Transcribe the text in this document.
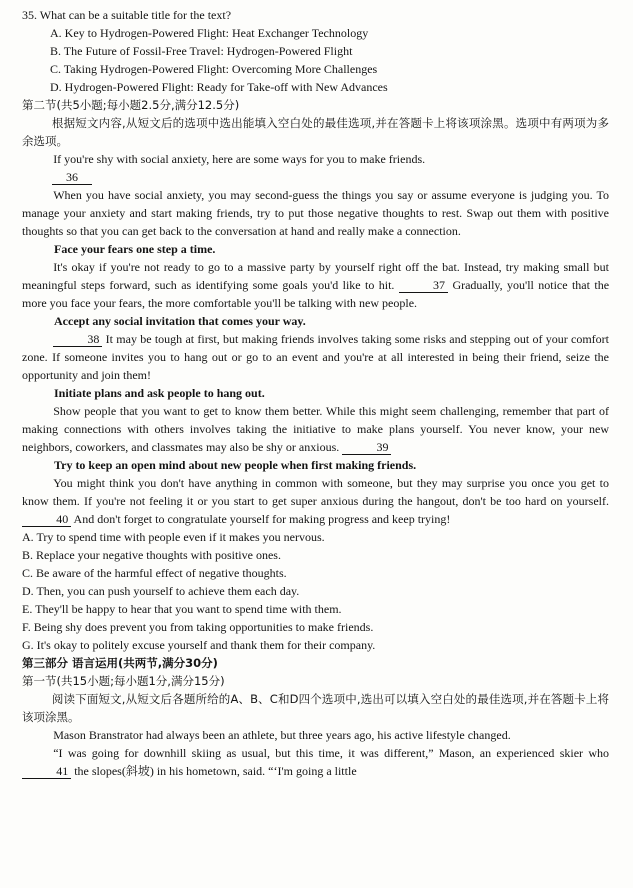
35. What can be a suitable title for the text?

A. Key to Hydrogen-Powered Flight: Heat Exchanger Technology

B. The Future of Fossil-Free Travel: Hydrogen-Powered Flight

C. Taking Hydrogen-Powered Flight: Overcoming More Challenges

D. Hydrogen-Powered Flight: Ready for Take-off with New Advances

第二节(共5小题;每小题2.5分,满分12.5分)

根据短文内容,从短文后的选项中选出能填入空白处的最佳选项,并在答题卡上将该项涂黑。选项中有两项为多余选项。

If you're shy with social anxiety, here are some ways for you to make friends.

36

When you have social anxiety, you may second-guess the things you say or assume everyone is judging you. To manage your anxiety and start making friends, try to put those negative thoughts to rest. Swap out them with positive thoughts so that you can get back to the conversation at hand and really make a connection.

Face your fears one step a time.

It's okay if you're not ready to go to a massive party by yourself right off the bat. Instead, try making small but meaningful steps forward, such as identifying some goals you'd like to hit.	37 Gradually, you'll notice that the more you face your fears, the more comfortable you'll be talking with new people.

Accept any social invitation that comes your way.

38 It may be tough at first, but making friends involves taking some risks and stepping out of your comfort zone. If someone invites you to hang out or go to an event and you're at all interested in being their friend, seize the opportunity and join them!

Initiate plans and ask people to hang out.

Show people that you want to get to know them better. While this might seem challenging, remember that part of making connections with others involves taking the initiative to make plans yourself. You never know, your new neighbors, coworkers, and classmates may also be shy or anxious.	39

Try to keep an open mind about new people when first making friends.

You might think you don't have anything in common with someone, but they may surprise you once you get to know them. If you're not feeling it or you start to get super anxious during the hangout, don't be too hard on yourself. 40 And don't forget to congratulate yourself for making progress and keep trying!

A. Try to spend time with people even if it makes you nervous.

B. Replace your negative thoughts with positive ones.

C. Be aware of the harmful effect of negative thoughts.

D. Then, you can push yourself to achieve them each day.

E. They'll be happy to hear that you want to spend time with them.

F. Being shy does prevent you from taking opportunities to make friends.

G. It's okay to politely excuse yourself and thank them for their company.

第三部分 语言运用(共两节,满分30分)

第一节(共15小题;每小题1分,满分15分)

阅读下面短文,从短文后各题所给的A、B、C和D四个选项中,选出可以填入空白处的最佳选项,并在答题卡上将该项涂黑。

Mason Branstrator had always been an athlete, but three years ago, his active lifestyle changed.

“I was going for downhill skiing as usual, but this time, it was different,” Mason, an experienced skier who 41 the slopes(斜坡) in his hometown, said. “‘I'm going a little
